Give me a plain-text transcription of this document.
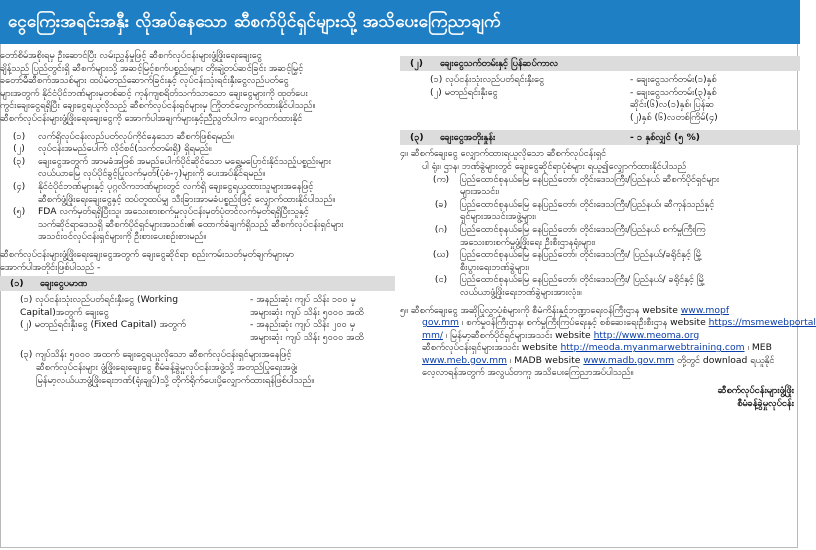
ငွေကြေးအရင်းအနှီး လိုအပ်နေသော ဆီစက်ပိုင်ရှင်များသို့ အသိပေးကြေညာချက်
တော်စိမ်အစိုးရမှ ဦးဆောင်ပြီး လမ်းညွှန်မှုဖြင့် ဆီစက်လုပ်ငန်းများဖွံ့ဖြိုးရေးချေးငွေ
ချိန့်သည် ပြည်တွင်းရှိ ဆီစက်များသို့ အဆင့်မြင့်စက်ပစ္စည်းများ တိုးချဲ့တပ်ဆင်ခြင်း အဆင့်မြှင့်
ခတော်မီဆီစက်အသစ်များ ထပ်မံတည်ဆောက်ခြင်းနှင့် လုပ်ငန်းသုံးရင်းနှီးငွေလည်ပတ်ငွေ
များအတွက် နိုင်ငံပိုင်ဘဏ်များမှတစ်ဆင့် ကုန်ကျစရိတ်သက်သာသော ချေးငွေများကို ထုတ်ပေး
ကွင်းချေးငွေရရှိပြီး ချေးငွေရယူလိုသည့် ဆီစက်လုပ်ငန်းရှင်များမှ ကြိုတင်လျှောက်ထားနိုင်ပါသည်။
ဆီစက်လုပ်ငန်းများဖွံ့ဖြိုးရေးချေးငွေကို အောက်ပါအချက်များနှင့်ညီညွတ်ပါက လျှောက်ထားနိုင်
(၁)	လက်ရှိလုပ်ငန်းလည်ပတ်လုပ်ကိုင်နေသော ဆီစက်ဖြစ်ရမည်။
(၂)	လုပ်ငန်းအမည်ပေါက် လိုင်စင်(သက်တမ်းရှိ) ရှိရမည်။
(၃)	ချေးငွေအတွက် အာမခံအဖြစ် အမည်ပေါက်ပိုင်ဆိုင်သော မရွှေ့မပြောင်းနိုင်သည့်ပစ္စည်းများ
လယ်ယာမြေ လုပ်ပိုင်ခွင့်ပြုလက်မှတ်(ပုံစံ-၇)များကို ပေးအပ်နိုင်ရမည်။
(၄)	နိုင်ငံပိုင်ဘဏ်များနှင့် ပုဂ္ဂလိကဘဏ်များတွင် လက်ရှိ ချေးငွေရယူထားသူများအနေဖြင့်
ဆီစက်ဖွံ့ဖြိုးရေးချေးငွေနှင့် ထပ်တူထပ်မျှ သီးခြားအာမခံပစ္စည်းဖြင့် လျှောက်ထားနိုင်ပါသည်။
(၅)	FDA လက်မှတ်ရရှိပြီးသူ၊ အသေးစားစက်မှုလုပ်ငန်းမှတ်ပုံတင်လက်မှတ်ရရှိပြီးသူနှင့်
သက်ဆိုင်ရာဒေသရှိ ဆီစက်ပိုင်ရှင်များအသင်း၏ ထောက်ခံချက်ရှိသည့် ဆီစက်လုပ်ငန်းရှင်များ
အသင်းဝင်လုပ်ငန်းရှင်များကို ဦးစားပေးစဉ်းစားမည်။
ဆီစက်လုပ်ငန်းများဖွံ့ဖြိုးရေးချေးငွေအတွက် ချေးငွေဆိုင်ရာ စည်းကမ်းသတ်မှတ်ချက်များမှာ
အောက်ပါအတိုင်းဖြစ်ပါသည် -
(၁) ချေးငွေပမာဏ
(၁) လုပ်ငန်းသုံးလည်ပတ်ရင်းနှီးငွေ (Working	- အနည်းဆုံး ကျပ် သိန်း ၁၀၀ မှ
Capital)အတွက် ချေးငွေ	အများဆုံး ကျပ် သိန်း ၅၀၀၀ အထိ
(၂) မတည်ရင်းနှီးငွေ (Fixed Capital) အတွက်	- အနည်းဆုံး ကျပ် သိန်း ၂၀၀ မှ
အများဆုံး ကျပ် သိန်း ၅၀၀၀ အထိ
(၃) ကျပ်သိန်း ၅၀၀၀ အထက် ချေးငွေရယူလိုသော ဆီစက်လုပ်ငန်းရှင်များအနေဖြင့်
ဆီစက်လုပ်ငန်းများ ဖွံ့ဖြိုးရေးချေးငွေ စီမံခန့်ခွဲမှုလုပ်ငန်းအဖွဲ့သို့ အတည်ပြုရေးအဖွဲ့၊
မြန်မာ့လယ်ယာဖွံ့ဖြိုးရေးဘဏ်(ရုံးချုပ်)သို့ တိုက်ရိုက်ပေးပို့လျှောက်ထားရန်ဖြစ်ပါသည်။
(၂) ချေးငွေသက်တမ်းနှင့် ပြန်ဆပ်ကာလ
(၁) လုပ်ငန်းသုံးလည်ပတ်ရင်းနှီးငွေ	- ချေးငွေသက်တမ်း(၁)နှစ်
(၂) မတည်ရင်းနှီးငွေ	- ချေးငွေသက်တမ်း(၃)နှစ်
ဆိုင်း(၆)လ(၁)နှစ်၊ ပြန်ဆ
(၂)နှစ် (၆)လတစ်ကြိမ်(၄)
(၃) ချေးငွေအတိုးနှုန်း	- ၁ နှစ်လျှင် (၅ %)
၄။ ဆီစက်ချေးငွေ လျှောက်ထားရယူလိုသော ဆီစက်လုပ်ငန်းရှင်
ပါ ရုံး၊ ဌာန၊ ဘဏ်ခွဲများတွင် ချေးငွေဆိုင်ရာပုံစံများ ရယူ၍လျှောက်ထားနိုင်ပါသည်
(က)	ပြည်ထောင်စုနယ်မြေ နေပြည်တော်၊ တိုင်းဒေသကြီး/ပြည်နယ် ဆီစက်ပိုင်ရှင်များ
များအသင်း၊
(ခ)	ပြည်ထောင်စုနယ်မြေ နေပြည်တော်၊ တိုင်းဒေသကြီး/ပြည်နယ်၊ ဆီကုန်သည်နှင့်
ရှင်များအသင်းအဖွဲ့များ၊
(ဂ)	ပြည်ထောင်စုနယ်မြေ နေပြည်တော်၊ တိုင်းဒေသကြီး/ပြည်နယ် စက်မှုကြီးကြ
အသေးစားစက်မှုဖွံ့ဖြိုးရေး ဦးစီးဌာနရုံးများ၊
(ဃ)	ပြည်ထောင်စုနယ်မြေ နေပြည်တော်၊ တိုင်းဒေသကြီး/ ပြည်နယ်/ခရိုင်နှင့် မြို့
စီးပွားရေးဘဏ်ခွဲများ၊
(င)	ပြည်ထောင်စုနယ်မြေ နေပြည်တော်၊ တိုင်းဒေသကြီး/ ပြည်နယ်/ ခရိုင်နှင့် မြို့
လယ်ယာဖွံ့ဖြိုးရေးဘဏ်ခွဲများအားလုံး။
၅။ ဆီစက်ချေးငွေ အဆိုပြုလွှာပုံစံများကို စီမံကိန်းနှင့်ဘဏ္ဍာရေးဝန်ကြီးဌာန website www.mopf
gov.mm ၊ စက်မှုဝန်ကြီးဌာန၊ စက်မှုကြီးကြပ်ရေးနှင့် စစ်ဆေးရေးဦးစီးဌာန website https://msmewebportal
mm/ ၊ မြန်မာ့ဆီစက်ပိုင်ရှင်များအသင်း website http://www.meoma.org
ဆီစက်လုပ်ငန်းရှင်များအသင်း website http://meoda.myanmarwebtraining.com ၊ MEB
www.meb.gov.mm ၊ MADB website www.madb.gov.mm တို့တွင် download ရယူနိုင်
လေ့လာရန်အတွက် အလွယ်တကူ အသိပေးကြေညာအပ်ပါသည်။
ဆီစက်လုပ်ငန်းများဖွံ့ဖြိုး
စီမံခန့်ခွဲမှုလုပ်ငန်း
